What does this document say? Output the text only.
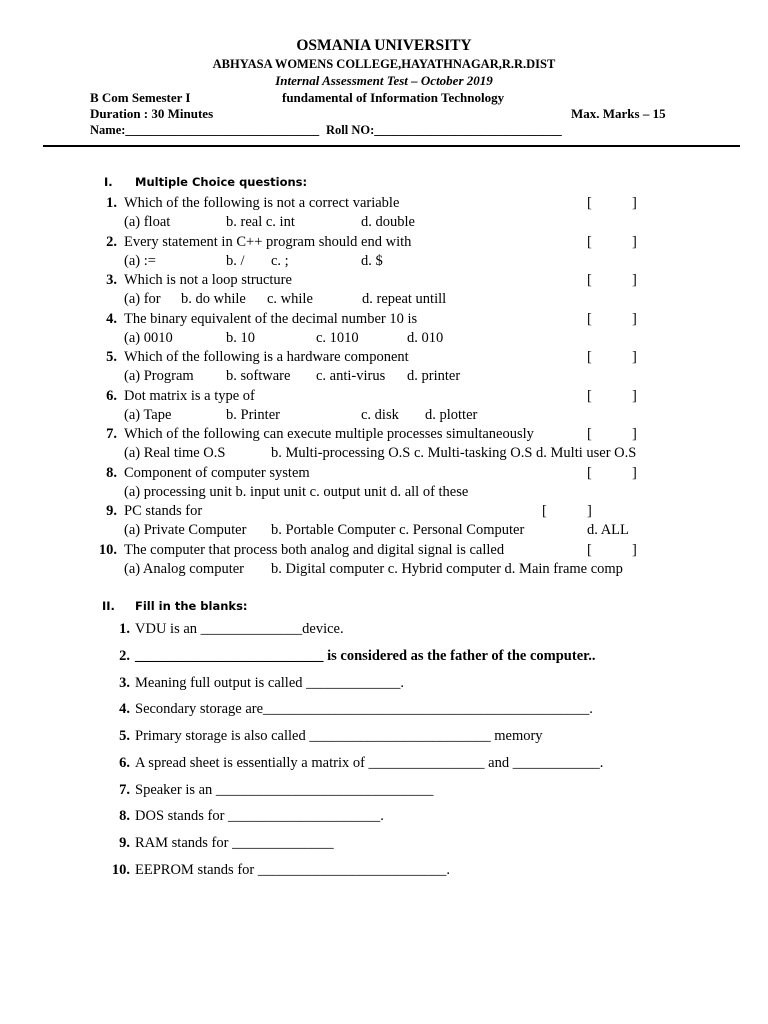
OSMANIA UNIVERSITY
ABHYASA WOMENS COLLEGE,HAYATHNAGAR,R.R.DIST
Internal Assessment Test – October 2019
B Com Semester I	fundamental of Information Technology
Duration : 30 Minutes	Max. Marks – 15
Name:_______________________________ Roll NO:______________________________
I. Multiple Choice questions:
1. Which of the following is not a correct variable	[	]
(a) float	b. real c. int	d. double
2. Every statement in C++ program should end with	[	]
(a) :=	b. / c. ;	d. $
3. Which is not a loop structure	[	]
(a) for b. do while c. while	d. repeat untill
4. The binary equivalent of the decimal number 10 is	[	]
(a) 0010	b. 10	c. 1010	d. 010
5. Which of the following is a hardware component	[	]
(a) Program b. software c. anti-virus d. printer
6. Dot matrix is a type of	[	]
(a) Tape	b. Printer	c. disk d. plotter
7. Which of the following can execute multiple processes simultaneously	[	]
(a) Real time O.S	b. Multi-processing O.S c. Multi-tasking O.S d. Multi user O.S
8. Component of computer system	[	]
(a) processing unit b. input unit c. output unit d. all of these
9. PC stands for	[	]
(a) Private Computer b. Portable Computer c. Personal Computer	d. ALL
10. The computer that process both analog and digital signal is called	[	]
(a) Analog computer b. Digital computer c. Hybrid computer d. Main frame comp
II. Fill in the blanks:
1. VDU is an ______________device.
2. __________________________ is considered as the father of the computer..
3. Meaning full output is called _____________.
4. Secondary storage are_____________________________________________.
5. Primary storage is also called _________________________ memory
6. A spread sheet is essentially a matrix of ________________ and ____________.
7. Speaker is an ______________________________
8. DOS stands for _____________________.
9. RAM stands for ______________
10. EEPROM stands for __________________________.
